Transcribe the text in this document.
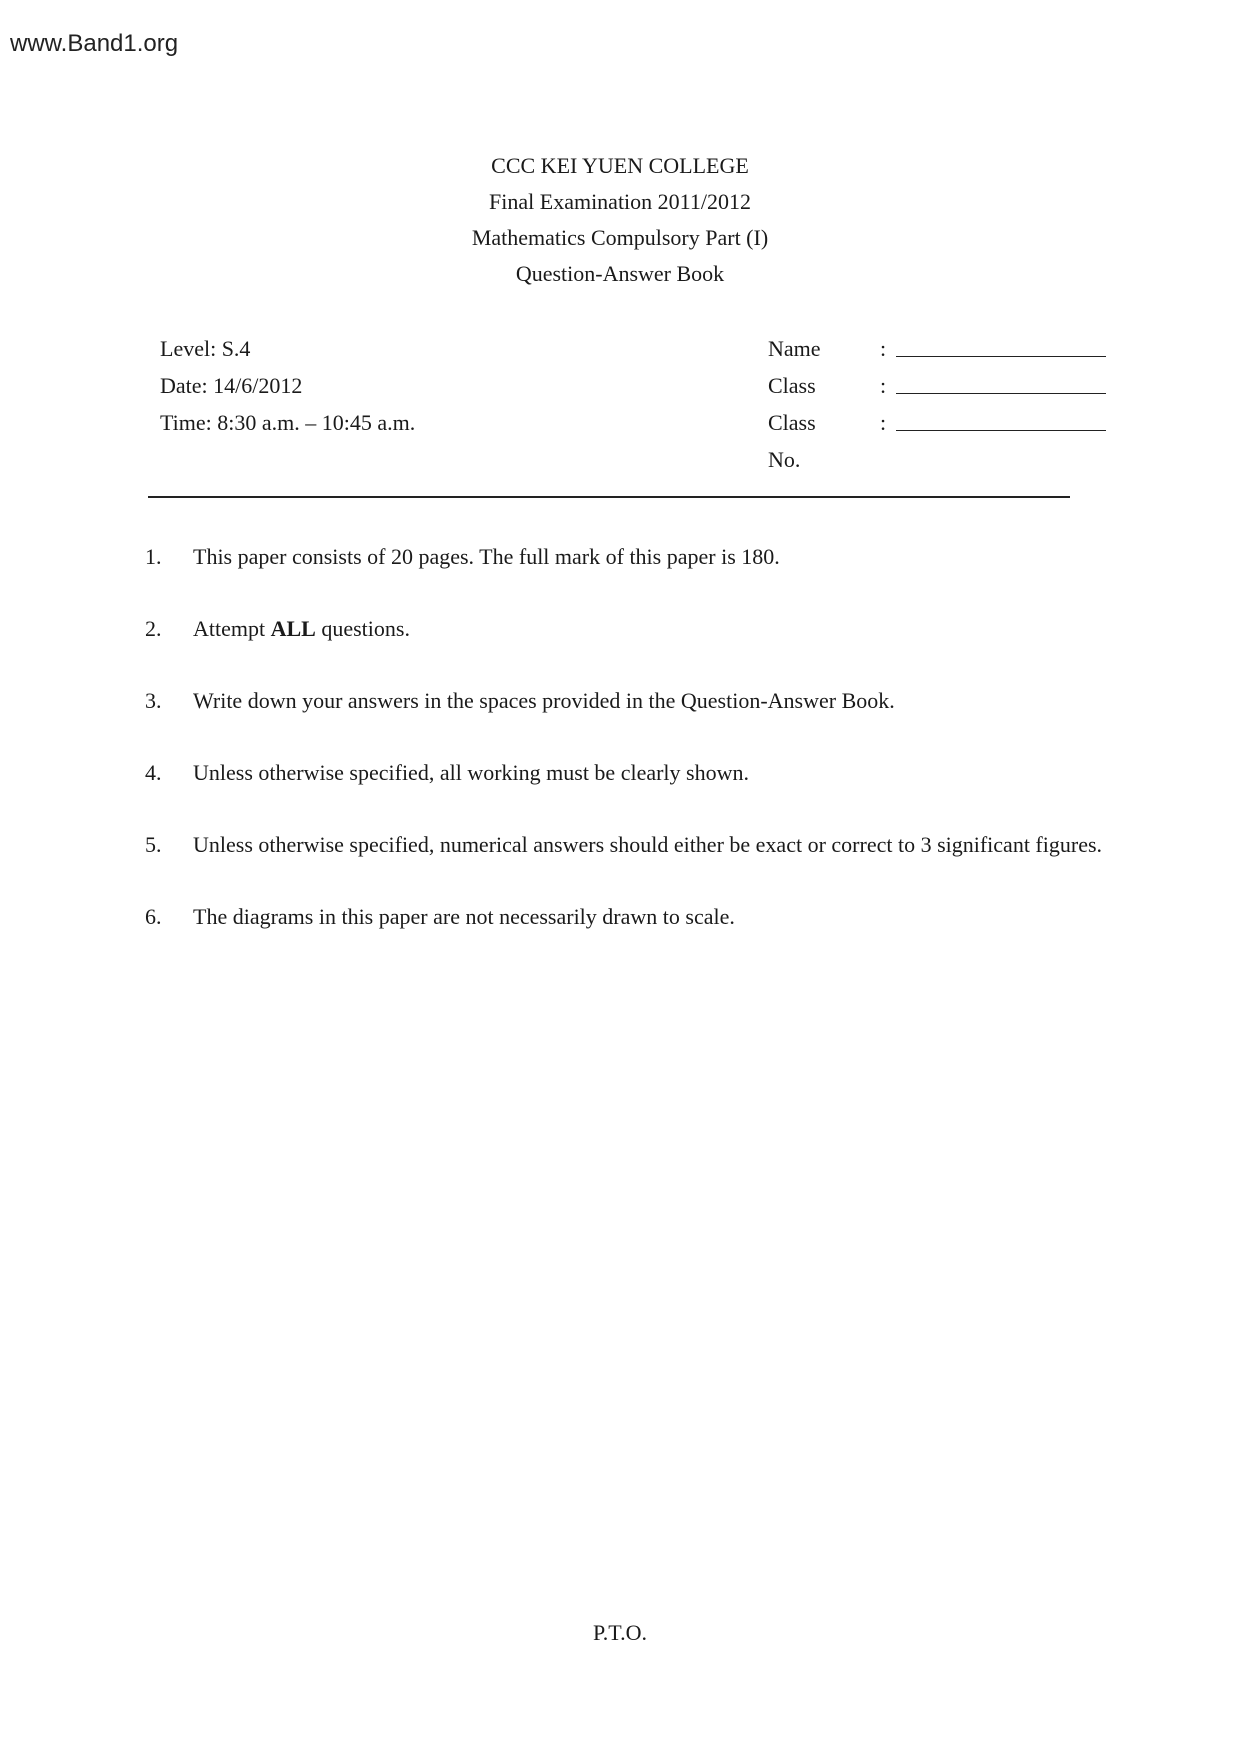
www.Band1.org
CCC KEI YUEN COLLEGE
Final Examination 2011/2012
Mathematics Compulsory Part (I)
Question-Answer Book
Level: S.4
Date: 14/6/2012
Time: 8:30 a.m. – 10:45 a.m.
Name	:
Class	:
Class No.
:
1. This paper consists of 20 pages. The full mark of this paper is 180.
2. Attempt ALL questions.
3. Write down your answers in the spaces provided in the Question-Answer Book.
4. Unless otherwise specified, all working must be clearly shown.
5. Unless otherwise specified, numerical answers should either be exact or correct to 3 significant figures.
6. The diagrams in this paper are not necessarily drawn to scale.
P.T.O.
